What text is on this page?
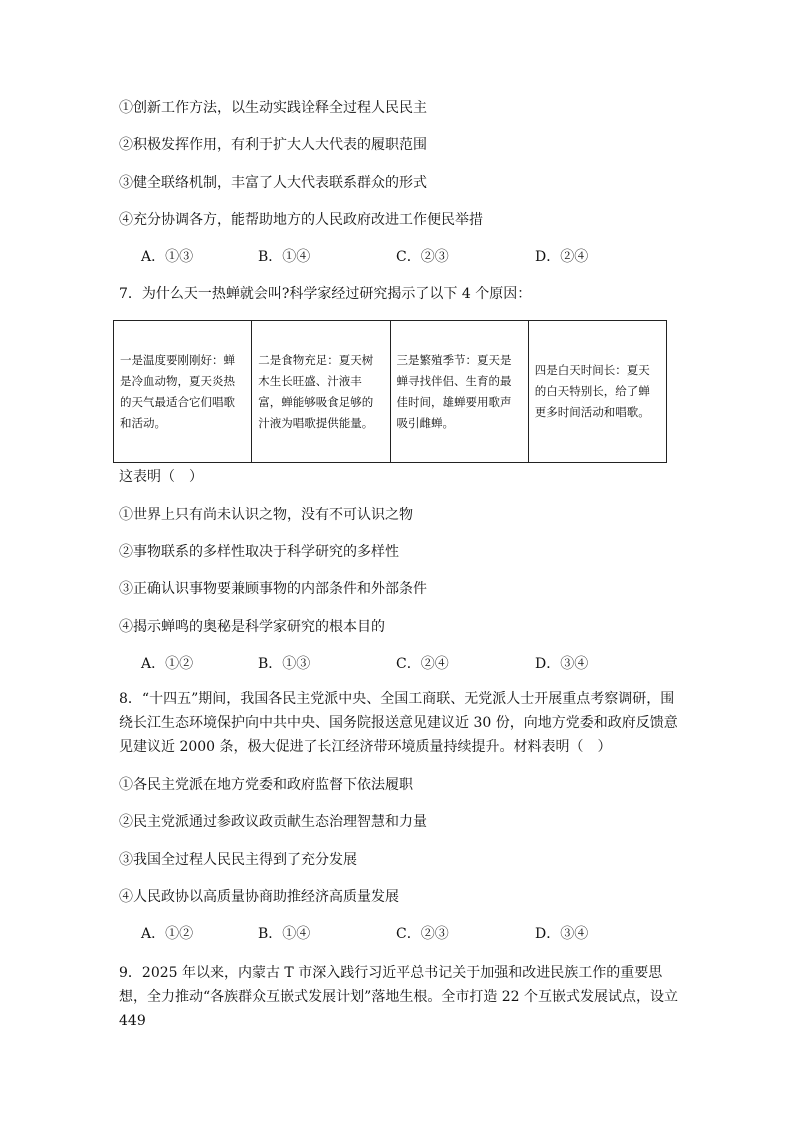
①创新工作方法，以生动实践诠释全过程人民民主
②积极发挥作用，有利于扩大人大代表的履职范围
③健全联络机制，丰富了人大代表联系群众的形式
④充分协调各方，能帮助地方的人民政府改进工作便民举措
A．①③	B．①④	C．②③	D．②④
7．为什么天一热蝉就会叫?科学家经过研究揭示了以下 4 个原因：
一是温度要刚刚好：蝉是冷血动物，夏天炎热的天气最适合它们唱歌和活动。	二是食物充足：夏天树木生长旺盛、汁液丰富，蝉能够吸食足够的汁液为唱歌提供能量。	三是繁殖季节：夏天是蝉寻找伴侣、生育的最佳时间，雄蝉要用歌声吸引雌蝉。	四是白天时间长：夏天的白天特别长，给了蝉更多时间活动和唱歌。
这表明（　）
①世界上只有尚未认识之物，没有不可认识之物
②事物联系的多样性取决于科学研究的多样性
③正确认识事物要兼顾事物的内部条件和外部条件
④揭示蝉鸣的奥秘是科学家研究的根本目的
A．①②	B．①③	C．②④	D．③④
8．“十四五”期间，我国各民主党派中央、全国工商联、无党派人士开展重点考察调研，围绕长江生态环境保护向中共中央、国务院报送意见建议近 30 份，向地方党委和政府反馈意见建议近 2000 条，极大促进了长江经济带环境质量持续提升。材料表明（　）
①各民主党派在地方党委和政府监督下依法履职
②民主党派通过参政议政贡献生态治理智慧和力量
③我国全过程人民民主得到了充分发展
④人民政协以高质量协商助推经济高质量发展
A．①②	B．①④	C．②③	D．③④
9．2025 年以来，内蒙古 T 市深入践行习近平总书记关于加强和改进民族工作的重要思想，全力推动“各族群众互嵌式发展计划”落地生根。全市打造 22 个互嵌式发展试点，设立 449
